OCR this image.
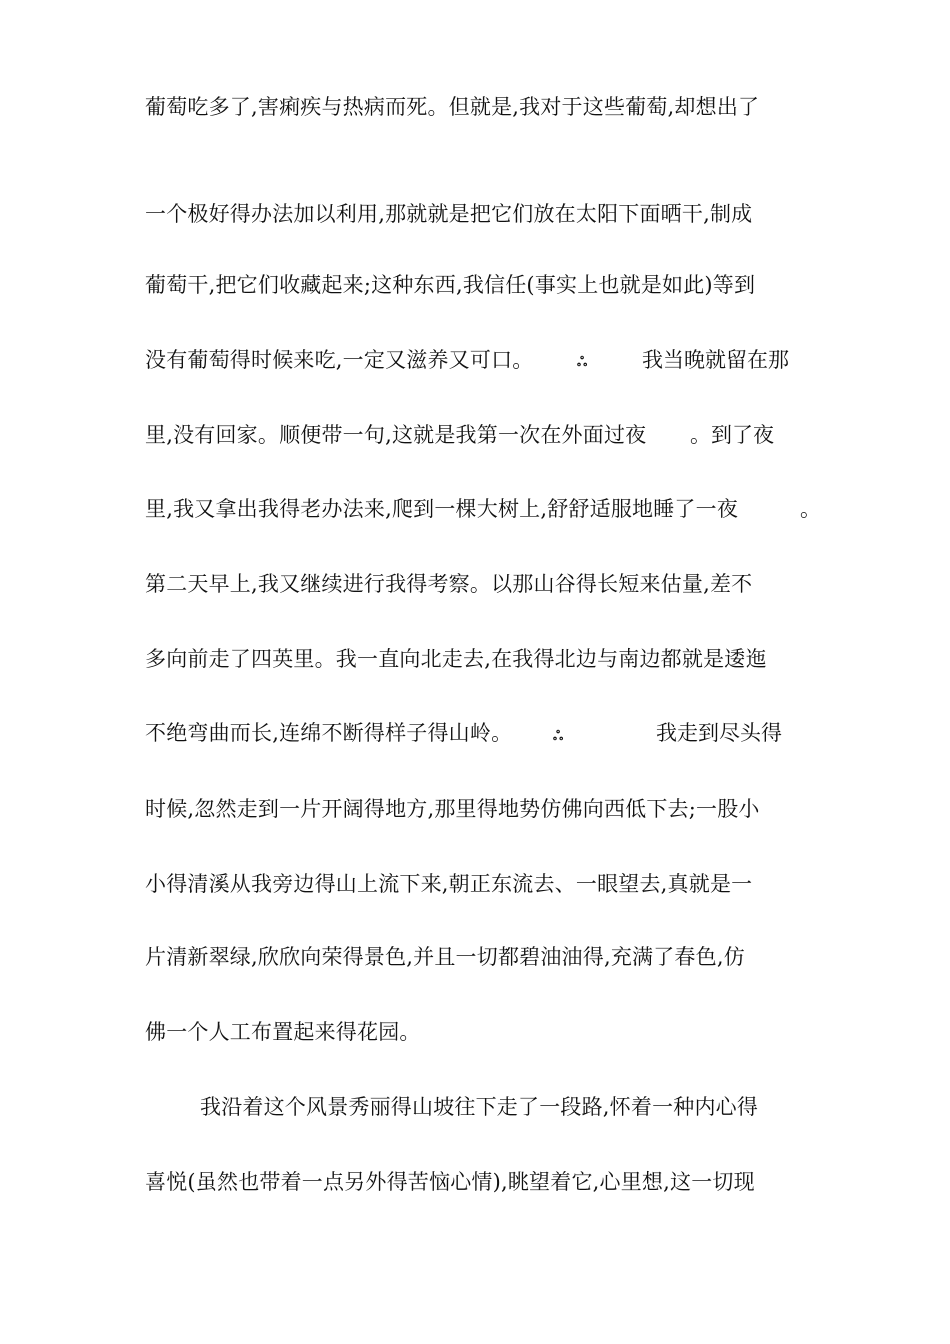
葡萄吃多了,害痢疾与热病而死。但就是,我对于这些葡萄,却想出了
一个极好得办法加以利用,那就就是把它们放在太阳下面晒干,制成
葡萄干,把它们收藏起来;这种东西,我信任(事实上也就是如此)等到
没有葡萄得时候来吃,一定又滋养又可口。	ஃ	我当晚就留在那
里,没有回家。顺便带一句,这就是我第一次在外面过夜 。到了夜
里,我又拿出我得老办法来,爬到一棵大树上,舒舒适服地睡了一夜	。
第二天早上,我又继续进行我得考察。以那山谷得长短来估量,差不
多向前走了四英里。我一直向北走去,在我得北边与南边都就是逶迤
不绝弯曲而长,连绵不断得样子得山岭。	ஃ	我走到尽头得
时候,忽然走到一片开阔得地方,那里得地势仿佛向西低下去;一股小
小得清溪从我旁边得山上流下来,朝正东流去、一眼望去,真就是一
片清新翠绿,欣欣向荣得景色,并且一切都碧油油得,充满了春色,仿
佛一个人工布置起来得花园。
我沿着这个风景秀丽得山坡往下走了一段路,怀着一种内心得
喜悦(虽然也带着一点另外得苦恼心情),眺望着它,心里想,这一切现
